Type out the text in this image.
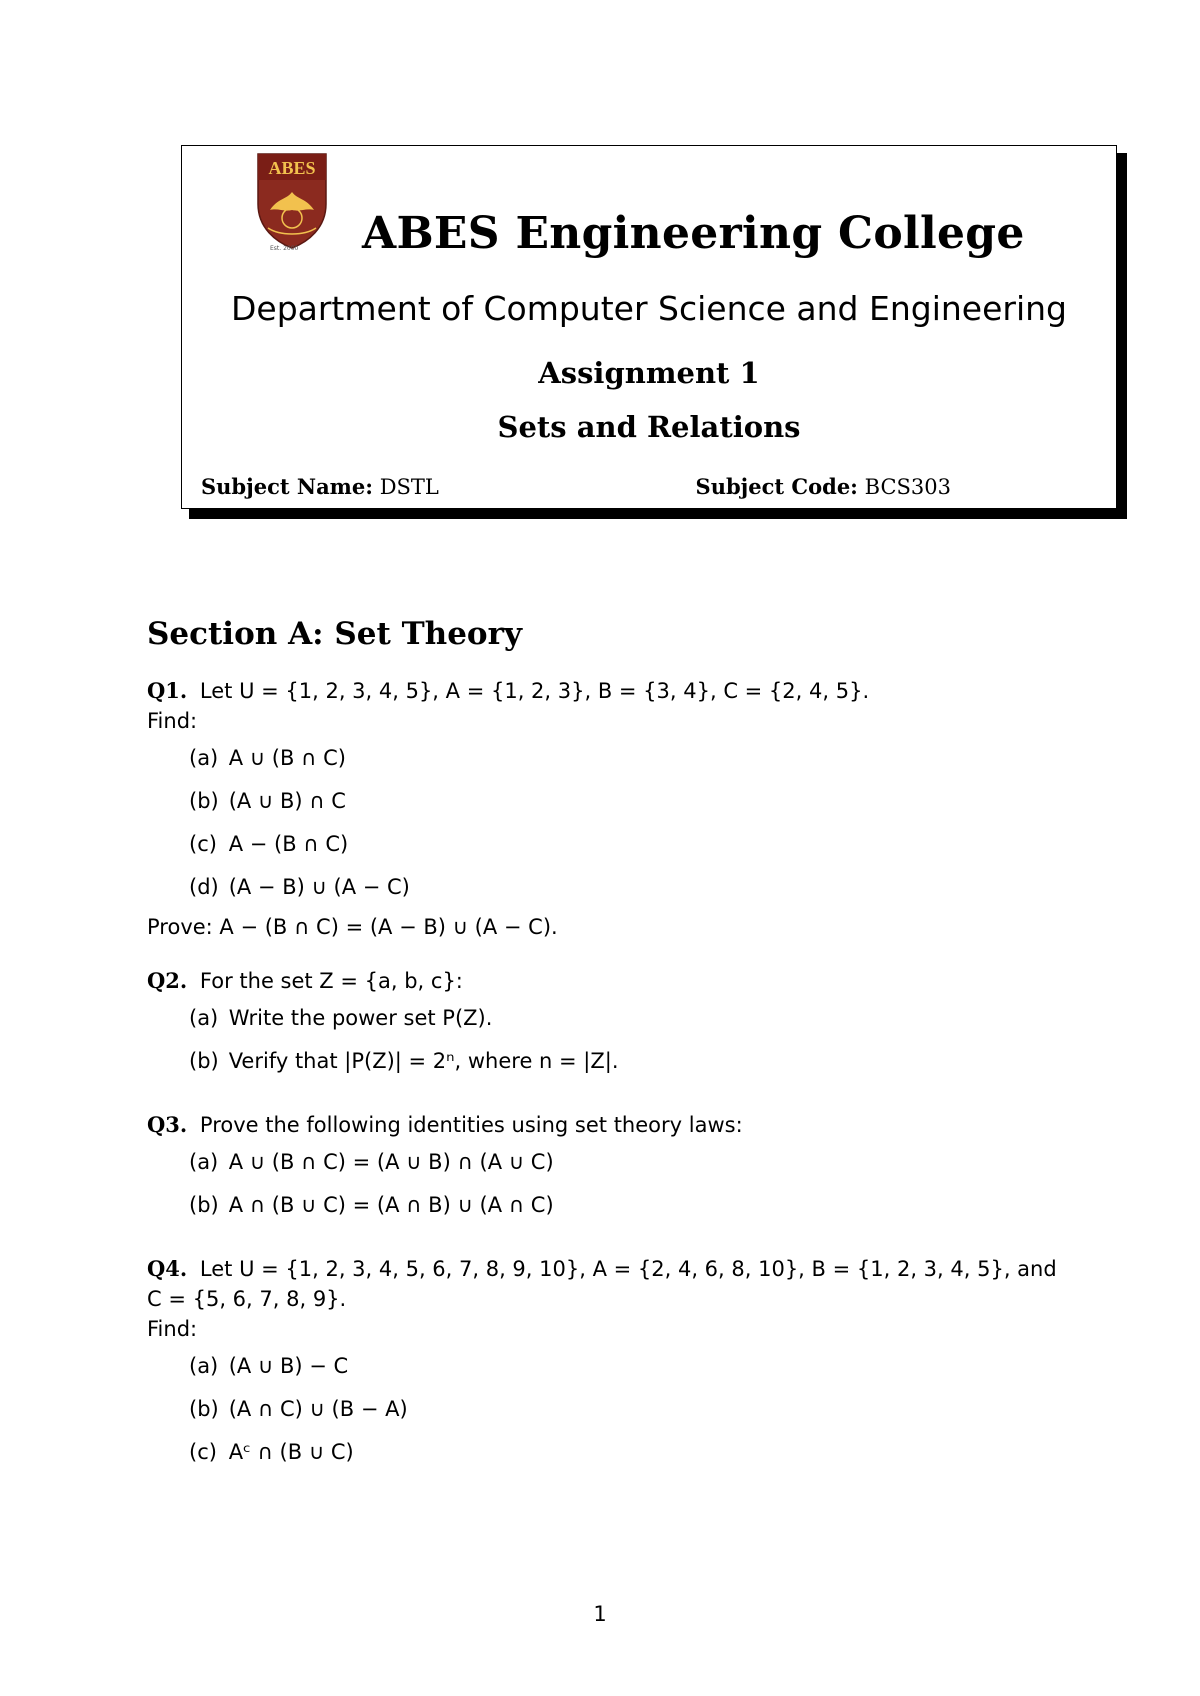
ABES
Est. 2000 ABES Engineering College
Department of Computer Science and Engineering
Assignment 1
Sets and Relations
Subject Name: DSTL	Subject Code: BCS303
Section A: Set Theory
Q1. Let U = {1, 2, 3, 4, 5}, A = {1, 2, 3}, B = {3, 4}, C = {2, 4, 5}.
Find:
(a) A ∪ (B ∩ C)
(b) (A ∪ B) ∩ C
(c) A − (B ∩ C)
(d) (A − B) ∪ (A − C)
Prove: A − (B ∩ C) = (A − B) ∪ (A − C).
Q2. For the set Z = {a, b, c}:
(a) Write the power set P(Z).
(b) Verify that |P(Z)| = 2ⁿ, where n = |Z|.
Q3. Prove the following identities using set theory laws:
(a) A ∪ (B ∩ C) = (A ∪ B) ∩ (A ∪ C)
(b) A ∩ (B ∪ C) = (A ∩ B) ∪ (A ∩ C)
Q4. Let U = {1, 2, 3, 4, 5, 6, 7, 8, 9, 10}, A = {2, 4, 6, 8, 10}, B = {1, 2, 3, 4, 5}, and C = {5, 6, 7, 8, 9}.
Find:
(a) (A ∪ B) − C
(b) (A ∩ C) ∪ (B − A)
(c) Aᶜ ∩ (B ∪ C)
1
